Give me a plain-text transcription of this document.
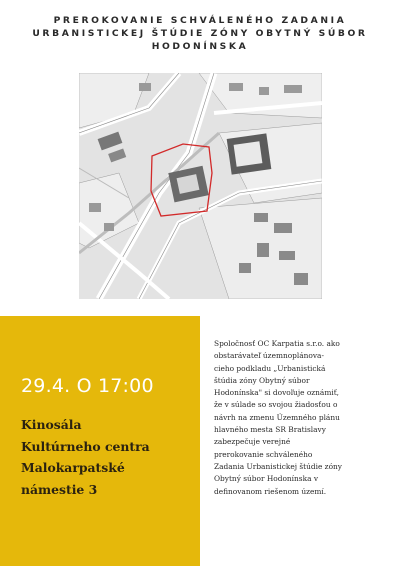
PREROKOVANIE SCHVÁLENÉHO ZADANIA
URBANISTICKEJ ŠTÚDIE ZÓNY OBYTNÝ SÚBOR
HODONÍNSKA
29.4. O 17:00
Kinosála
Kultúrneho centra
Malokarpatské
námestie 3
Spoločnosť OC Karpatia s.r.o. ako
obstarávateľ územnoplánova-
cieho podkladu „Urbanistická
štúdia zóny Obytný súbor
Hodonínska" si dovoľuje oznámiť,
že v súlade so svojou žiadosťou o
návrh na zmenu Územného plánu
hlavného mesta SR Bratislavy
zabezpečuje verejné
prerokovanie schváleného
Zadania Urbanistickej štúdie zóny
Obytný súbor Hodonínska v
definovanom riešenom území.
